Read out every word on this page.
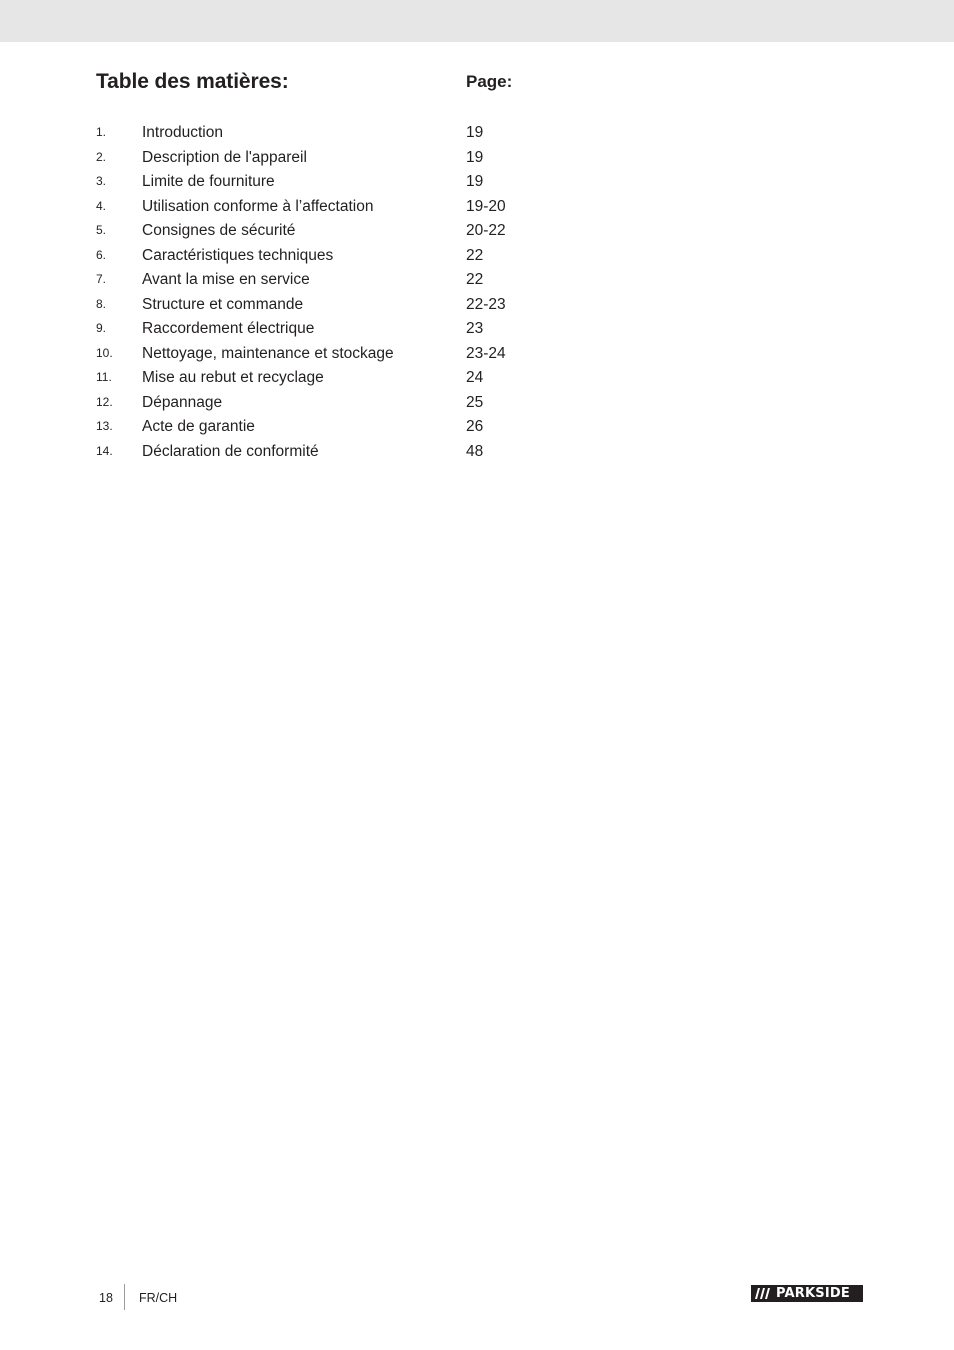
Table des matières:	Page:
1. Introduction	19
2. Description de l'appareil	19
3. Limite de fourniture	19
4. Utilisation conforme à l’affectation	19-20
5. Consignes de sécurité	20-22
6. Caractéristiques techniques	22
7. Avant la mise en service	22
8. Structure et commande	22-23
9. Raccordement électrique	23
10. Nettoyage, maintenance et stockage	23-24
11. Mise au rebut et recyclage	24
12. Dépannage	25
13. Acte de garantie	26
14. Déclaration de conformité	48
18 FR/CH	PARKSIDE
